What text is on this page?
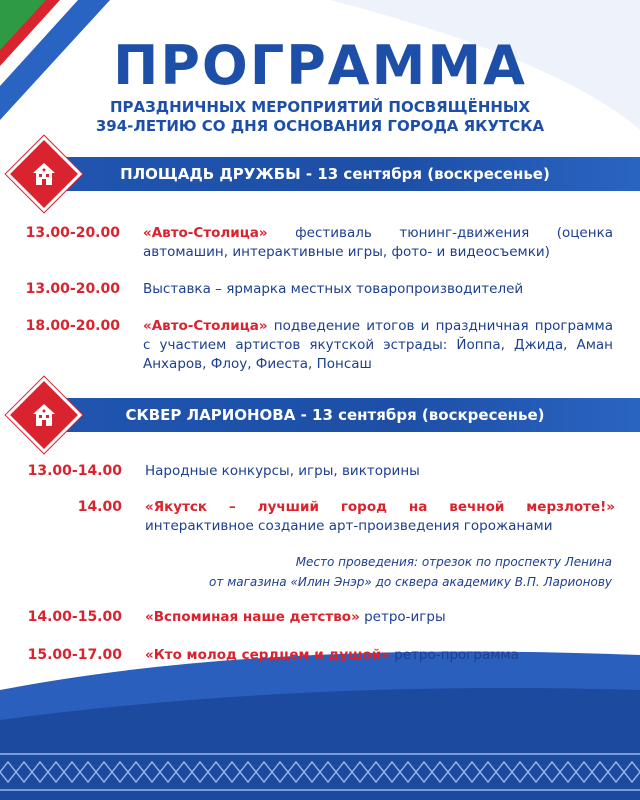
ПРОГРАММА
ПРАЗДНИЧНЫХ МЕРОПРИЯТИЙ ПОСВЯЩЁННЫХ
394-ЛЕТИЮ СО ДНЯ ОСНОВАНИЯ ГОРОДА ЯКУТСКА
ПЛОЩАДЬ ДРУЖБЫ - 13 сентября (воскресенье)
13.00-20.00 «Авто-Столица» фестиваль тюнинг-движения (оценка автомашин, интерактивные игры, фото- и видеосъемки)
13.00-20.00 Выставка – ярмарка местных товаропроизводителей
18.00-20.00 «Авто-Столица» подведение итогов и праздничная программа с участием артистов якутской эстрады: Йоппа, Джида, Аман Анхаров, Флоу, Фиеста, Понсаш
СКВЕР ЛАРИОНОВА - 13 сентября (воскресенье)
13.00-14.00 Народные конкурсы, игры, викторины
14.00 «Якутск – лучший город на вечной мерзлоте!» интерактивное создание арт-произведения горожанами
Место проведения: отрезок по проспекту Ленина
от магазина «Илин Энэр» до сквера академику В.П. Ларионову
14.00-15.00 «Вспоминая наше детство» ретро-игры
15.00-17.00 «Кто молод сердцем и душой» ретро-программа
